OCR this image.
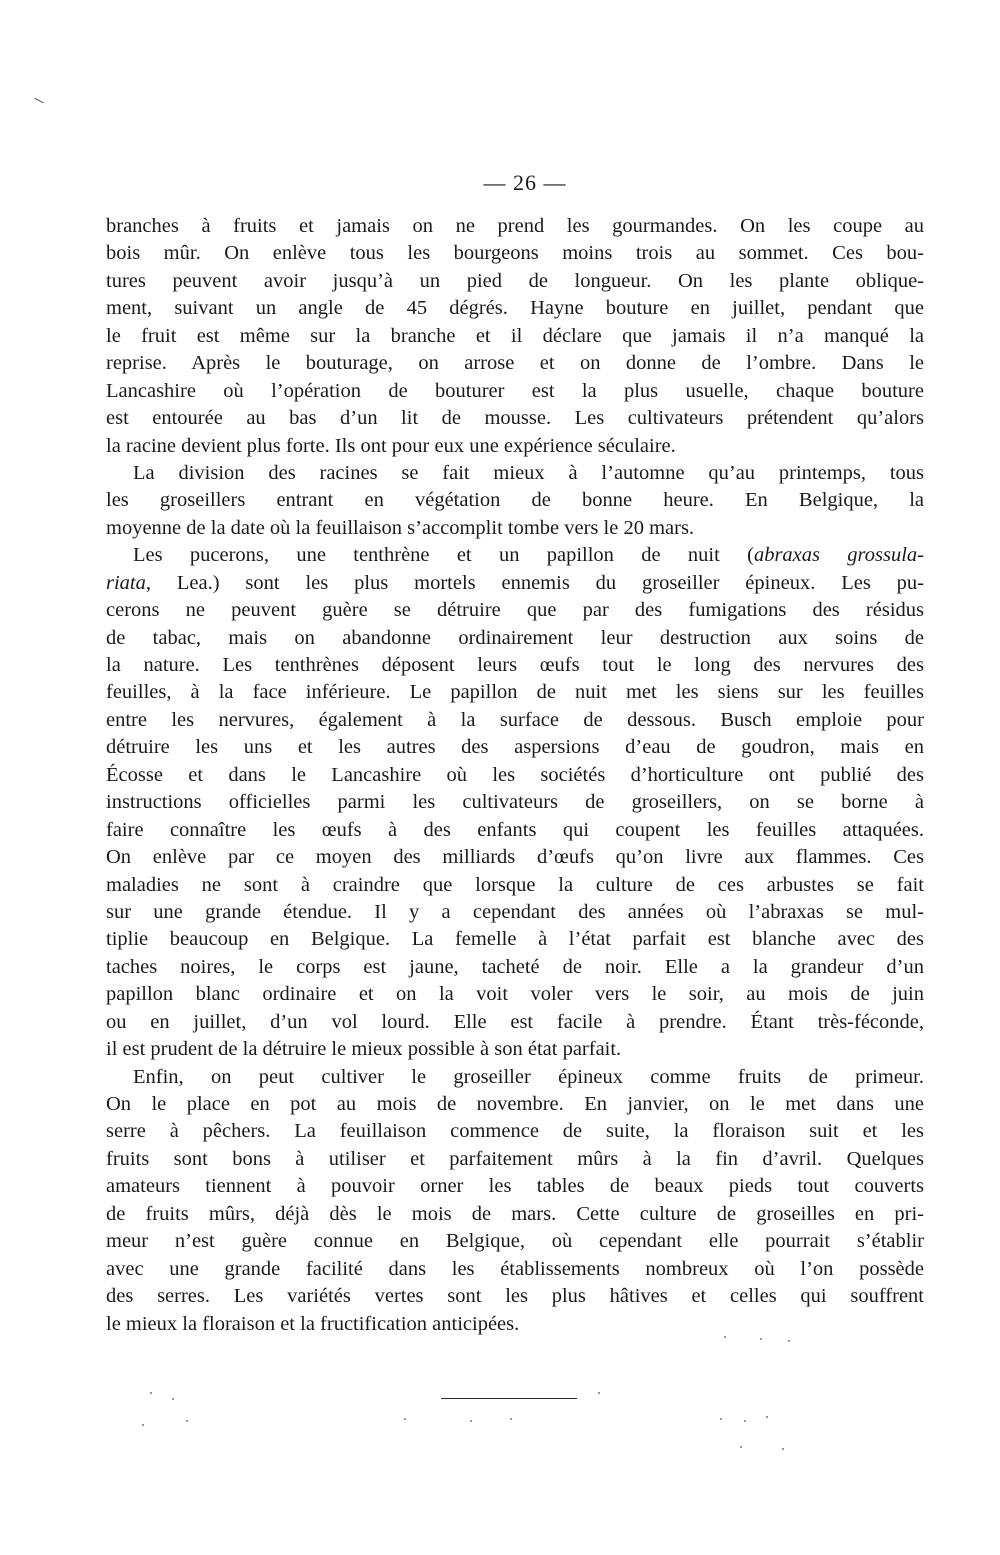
— 26 —
branches à fruits et jamais on ne prend les gourmandes. On les coupe au
bois mûr. On enlève tous les bourgeons moins trois au sommet. Ces bou-
tures peuvent avoir jusqu’à un pied de longueur. On les plante oblique-
ment, suivant un angle de 45 dégrés. Hayne bouture en juillet, pendant que
le fruit est même sur la branche et il déclare que jamais il n’a manqué la
reprise. Après le bouturage, on arrose et on donne de l’ombre. Dans le
Lancashire où l’opération de bouturer est la plus usuelle, chaque bouture
est entourée au bas d’un lit de mousse. Les cultivateurs prétendent qu’alors
la racine devient plus forte. Ils ont pour eux une expérience séculaire.
La division des racines se fait mieux à l’automne qu’au printemps, tous
les groseillers entrant en végétation de bonne heure. En Belgique, la
moyenne de la date où la feuillaison s’accomplit tombe vers le 20 mars.
Les pucerons, une tenthrène et un papillon de nuit (abraxas grossula-
riata, Lea.) sont les plus mortels ennemis du groseiller épineux. Les pu-
cerons ne peuvent guère se détruire que par des fumigations des résidus
de tabac, mais on abandonne ordinairement leur destruction aux soins de
la nature. Les tenthrènes déposent leurs œufs tout le long des nervures des
feuilles, à la face inférieure. Le papillon de nuit met les siens sur les feuilles
entre les nervures, également à la surface de dessous. Busch emploie pour
détruire les uns et les autres des aspersions d’eau de goudron, mais en
Écosse et dans le Lancashire où les sociétés d’horticulture ont publié des
instructions officielles parmi les cultivateurs de groseillers, on se borne à
faire connaître les œufs à des enfants qui coupent les feuilles attaquées.
On enlève par ce moyen des milliards d’œufs qu’on livre aux flammes. Ces
maladies ne sont à craindre que lorsque la culture de ces arbustes se fait
sur une grande étendue. Il y a cependant des années où l’abraxas se mul-
tiplie beaucoup en Belgique. La femelle à l’état parfait est blanche avec des
taches noires, le corps est jaune, tacheté de noir. Elle a la grandeur d’un
papillon blanc ordinaire et on la voit voler vers le soir, au mois de juin
ou en juillet, d’un vol lourd. Elle est facile à prendre. Étant très-féconde,
il est prudent de la détruire le mieux possible à son état parfait.
Enfin, on peut cultiver le groseiller épineux comme fruits de primeur.
On le place en pot au mois de novembre. En janvier, on le met dans une
serre à pêchers. La feuillaison commence de suite, la floraison suit et les
fruits sont bons à utiliser et parfaitement mûrs à la fin d’avril. Quelques
amateurs tiennent à pouvoir orner les tables de beaux pieds tout couverts
de fruits mûrs, déjà dès le mois de mars. Cette culture de groseilles en pri-
meur n’est guère connue en Belgique, où cependant elle pourrait s’établir
avec une grande facilité dans les établissements nombreux où l’on possède
des serres. Les variétés vertes sont les plus hâtives et celles qui souffrent
le mieux la floraison et la fructification anticipées.
